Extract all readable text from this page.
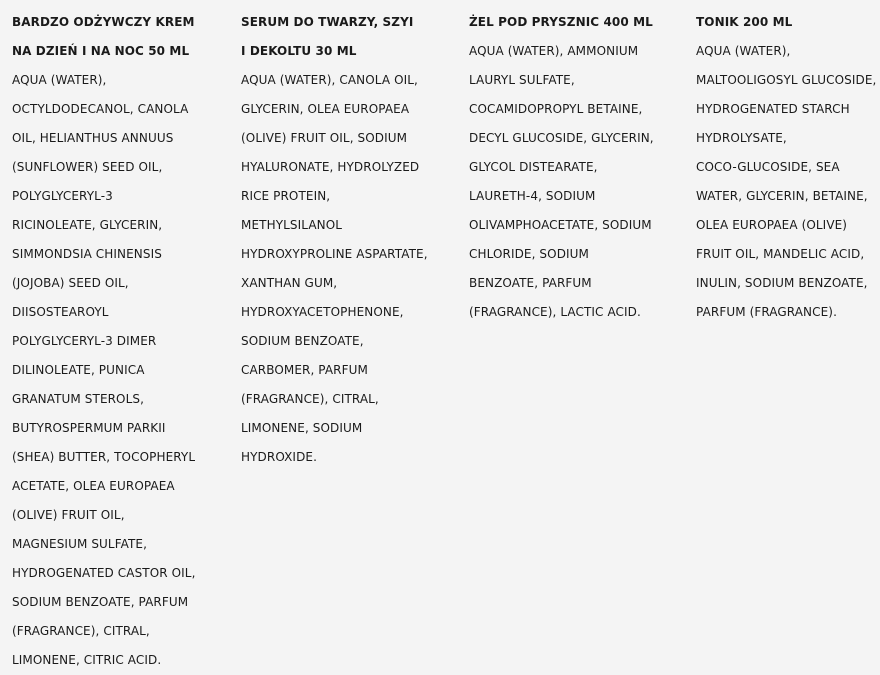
BARDZO ODŻYWCZY KREM
NA DZIEŃ I NA NOC 50 ML
AQUA (WATER),
OCTYLDODECANOL, CANOLA
OIL, HELIANTHUS ANNUUS
(SUNFLOWER) SEED OIL,
POLYGLYCERYL-3
RICINOLEATE, GLYCERIN,
SIMMONDSIA CHINENSIS
(JOJOBA) SEED OIL,
DIISOSTEAROYL
POLYGLYCERYL-3 DIMER
DILINOLEATE, PUNICA
GRANATUM STEROLS,
BUTYROSPERMUM PARKII
(SHEA) BUTTER, TOCOPHERYL
ACETATE, OLEA EUROPAEA
(OLIVE) FRUIT OIL,
MAGNESIUM SULFATE,
HYDROGENATED CASTOR OIL,
SODIUM BENZOATE, PARFUM
(FRAGRANCE), CITRAL,
LIMONENE, CITRIC ACID.
SERUM DO TWARZY, SZYI
I DEKOLTU 30 ML
AQUA (WATER), CANOLA OIL,
GLYCERIN, OLEA EUROPAEA
(OLIVE) FRUIT OIL, SODIUM
HYALURONATE, HYDROLYZED
RICE PROTEIN,
METHYLSILANOL
HYDROXYPROLINE ASPARTATE,
XANTHAN GUM,
HYDROXYACETOPHENONE,
SODIUM BENZOATE,
CARBOMER, PARFUM
(FRAGRANCE), CITRAL,
LIMONENE, SODIUM
HYDROXIDE.
ŻEL POD PRYSZNIC 400 ML
AQUA (WATER), AMMONIUM
LAURYL SULFATE,
COCAMIDOPROPYL BETAINE,
DECYL GLUCOSIDE, GLYCERIN,
GLYCOL DISTEARATE,
LAURETH-4, SODIUM
OLIVAMPHOACETATE, SODIUM
CHLORIDE, SODIUM
BENZOATE, PARFUM
(FRAGRANCE), LACTIC ACID.
TONIK 200 ML
AQUA (WATER),
MALTOOLIGOSYL GLUCOSIDE,
HYDROGENATED STARCH
HYDROLYSATE,
COCO-GLUCOSIDE, SEA
WATER, GLYCERIN, BETAINE,
OLEA EUROPAEA (OLIVE)
FRUIT OIL, MANDELIC ACID,
INULIN, SODIUM BENZOATE,
PARFUM (FRAGRANCE).
